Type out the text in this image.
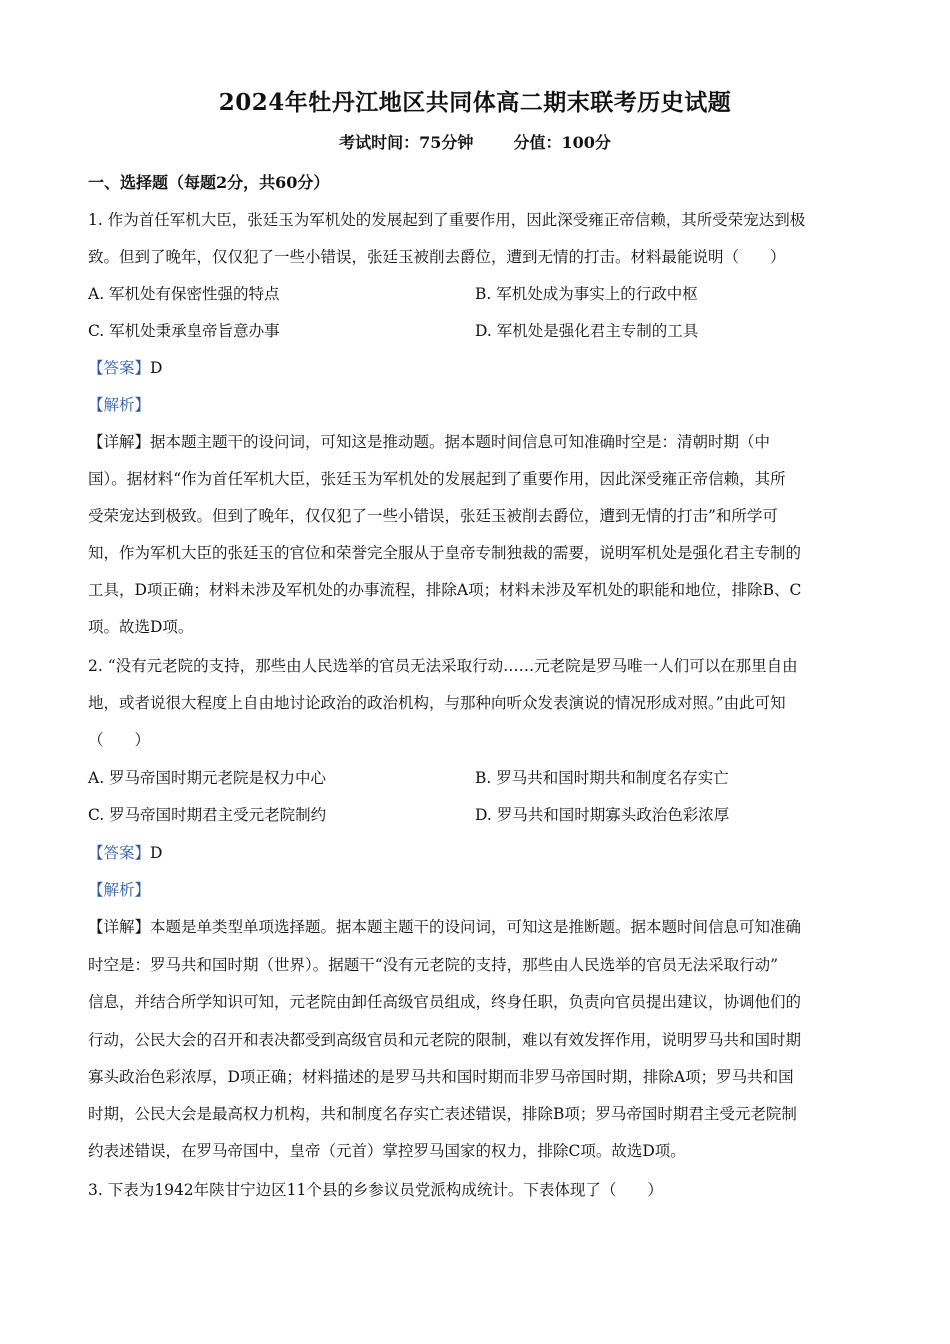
2024年牡丹江地区共同体高二期末联考历史试题
考试时间：75分钟	分值：100分
一、选择题（每题2分，共60分）
1. 作为首任军机大臣，张廷玉为军机处的发展起到了重要作用，因此深受雍正帝信赖，其所受荣宠达到极
致。但到了晚年，仅仅犯了一些小错误，张廷玉被削去爵位，遭到无情的打击。材料最能说明（　　）
A. 军机处有保密性强的特点	B. 军机处成为事实上的行政中枢
C. 军机处秉承皇帝旨意办事	D. 军机处是强化君主专制的工具
【答案】D
【解析】
【详解】据本题主题干的设问词，可知这是推动题。据本题时间信息可知准确时空是：清朝时期（中
国）。据材料“作为首任军机大臣，张廷玉为军机处的发展起到了重要作用，因此深受雍正帝信赖，其所
受荣宠达到极致。但到了晚年，仅仅犯了一些小错误，张廷玉被削去爵位，遭到无情的打击”和所学可
知，作为军机大臣的张廷玉的官位和荣誉完全服从于皇帝专制独裁的需要，说明军机处是强化君主专制的
工具，D项正确；材料未涉及军机处的办事流程，排除A项；材料未涉及军机处的职能和地位，排除B、C
项。故选D项。
2. “没有元老院的支持，那些由人民选举的官员无法采取行动……元老院是罗马唯一人们可以在那里自由
地，或者说很大程度上自由地讨论政治的政治机构，与那种向听众发表演说的情况形成对照。”由此可知
（　　）
A. 罗马帝国时期元老院是权力中心	B. 罗马共和国时期共和制度名存实亡
C. 罗马帝国时期君主受元老院制约	D. 罗马共和国时期寡头政治色彩浓厚
【答案】D
【解析】
【详解】本题是单类型单项选择题。据本题主题干的设问词，可知这是推断题。据本题时间信息可知准确
时空是：罗马共和国时期（世界）。据题干“没有元老院的支持，那些由人民选举的官员无法采取行动”
信息，并结合所学知识可知，元老院由卸任高级官员组成，终身任职，负责向官员提出建议，协调他们的
行动，公民大会的召开和表决都受到高级官员和元老院的限制，难以有效发挥作用，说明罗马共和国时期
寡头政治色彩浓厚，D项正确；材料描述的是罗马共和国时期而非罗马帝国时期，排除A项；罗马共和国
时期，公民大会是最高权力机构，共和制度名存实亡表述错误，排除B项；罗马帝国时期君主受元老院制
约表述错误，在罗马帝国中，皇帝（元首）掌控罗马国家的权力，排除C项。故选D项。
3. 下表为1942年陕甘宁边区11个县的乡参议员党派构成统计。下表体现了（　　）
